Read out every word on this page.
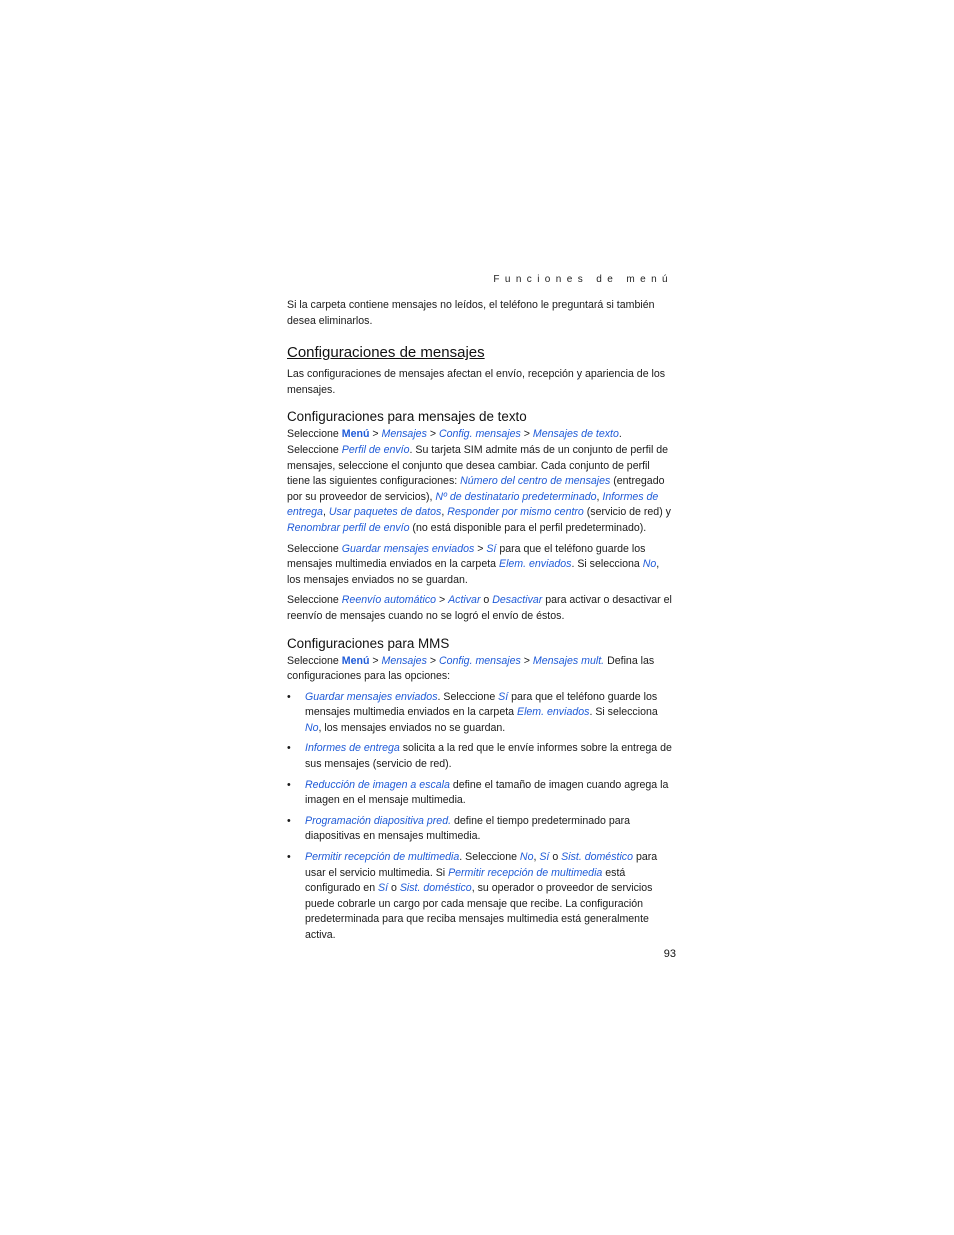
Funciones de menú

Si la carpeta contiene mensajes no leídos, el teléfono le preguntará si también desea eliminarlos.

Configuraciones de mensajes

Las configuraciones de mensajes afectan el envío, recepción y apariencia de los mensajes.

Configuraciones para mensajes de texto

Seleccione Menú > Mensajes > Config. mensajes > Mensajes de texto. Seleccione Perfil de envío. Su tarjeta SIM admite más de un conjunto de perfil de mensajes, seleccione el conjunto que desea cambiar. Cada conjunto de perfil tiene las siguientes configuraciones: Número del centro de mensajes (entregado por su proveedor de servicios), Nº de destinatario predeterminado, Informes de entrega, Usar paquetes de datos, Responder por mismo centro (servicio de red) y Renombrar perfil de envío (no está disponible para el perfil predeterminado).

Seleccione Guardar mensajes enviados > Sí para que el teléfono guarde los mensajes multimedia enviados en la carpeta Elem. enviados. Si selecciona No, los mensajes enviados no se guardan.

Seleccione Reenvío automático > Activar o Desactivar para activar o desactivar el reenvío de mensajes cuando no se logró el envío de éstos.

Configuraciones para MMS

Seleccione Menú > Mensajes > Config. mensajes > Mensajes mult. Defina las configuraciones para las opciones:

• Guardar mensajes enviados. Seleccione Sí para que el teléfono guarde los mensajes multimedia enviados en la carpeta Elem. enviados. Si selecciona No, los mensajes enviados no se guardan.
• Informes de entrega solicita a la red que le envíe informes sobre la entrega de sus mensajes (servicio de red).
• Reducción de imagen a escala define el tamaño de imagen cuando agrega la imagen en el mensaje multimedia.
• Programación diapositiva pred. define el tiempo predeterminado para diapositivas en mensajes multimedia.
• Permitir recepción de multimedia. Seleccione No, Sí o Sist. doméstico para usar el servicio multimedia. Si Permitir recepción de multimedia está configurado en Sí o Sist. doméstico, su operador o proveedor de servicios puede cobrarle un cargo por cada mensaje que recibe. La configuración predeterminada para que reciba mensajes multimedia está generalmente activa.
93
